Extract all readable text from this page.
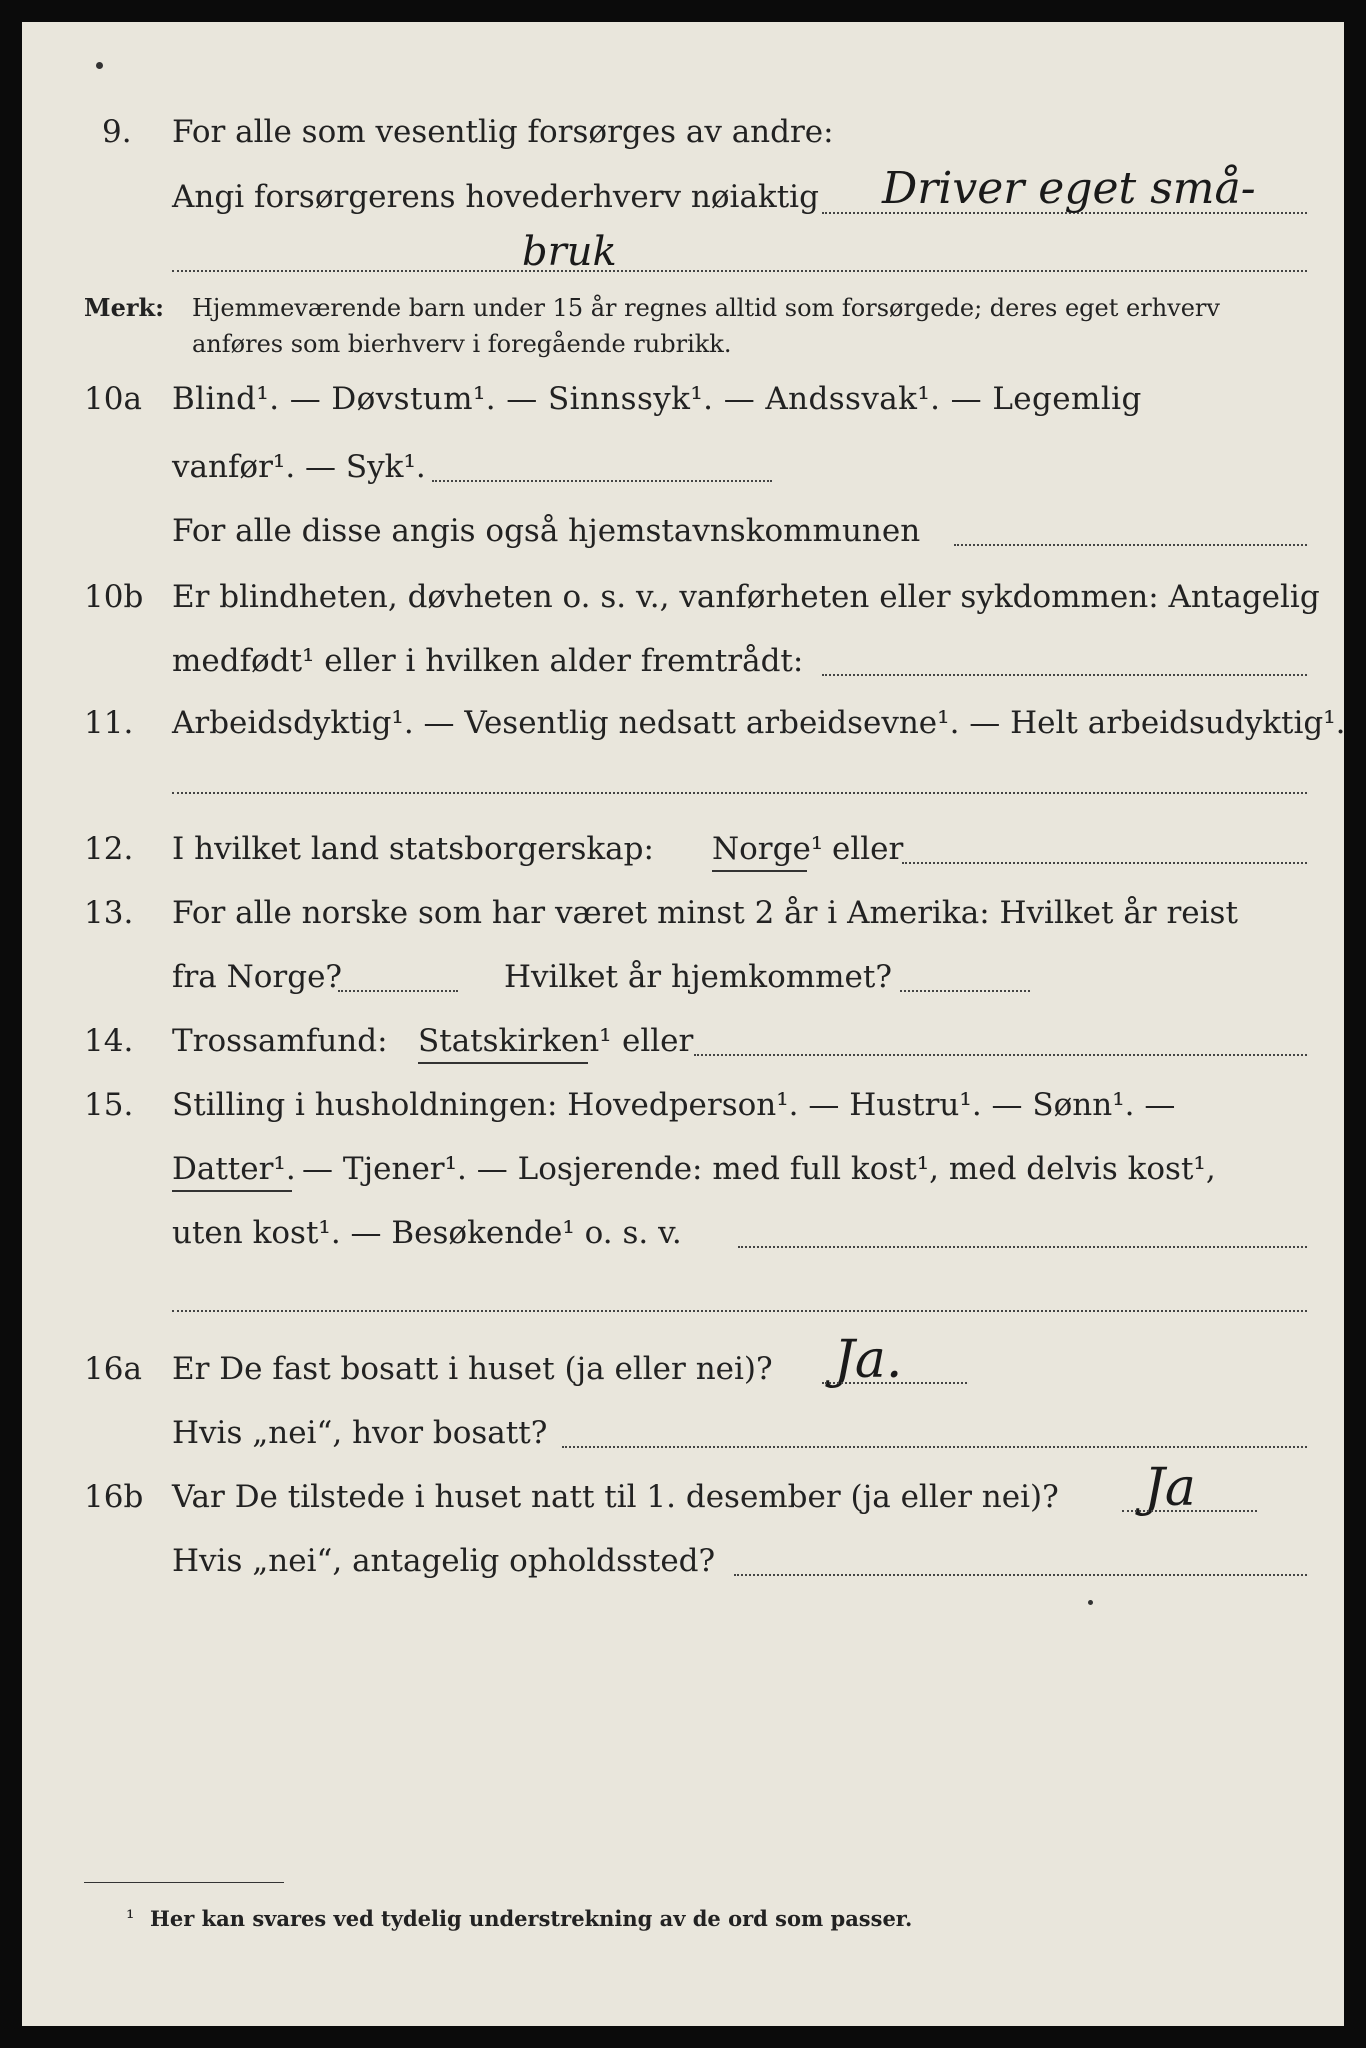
9. For alle som vesentlig forsørges av andre:
Angi forsørgerens hovederhverv nøiaktig Driver eget små-
bruk
Merk: Hjemmeværende barn under 15 år regnes alltid som forsørgede; deres eget erhverv
anføres som bierhverv i foregående rubrikk.
10a Blind¹. — Døvstum¹. — Sinnssyk¹. — Andssvak¹. — Legemlig
vanfør¹. — Syk¹.
For alle disse angis også hjemstavnskommunen
10b Er blindheten, døvheten o. s. v., vanførheten eller sykdommen: Antagelig
medfødt¹ eller i hvilken alder fremtrådt:
11. Arbeidsdyktig¹. — Vesentlig nedsatt arbeidsevne¹. — Helt arbeidsudyktig¹.
12. I hvilket land statsborgerskap: Norge¹ eller
13. For alle norske som har været minst 2 år i Amerika: Hvilket år reist
fra Norge?	Hvilket år hjemkommet?
14. Trossamfund: Statskirken¹ eller
15. Stilling i husholdningen: Hovedperson¹. — Hustru¹. — Sønn¹. —
Datter¹. — Tjener¹. — Losjerende: med full kost¹, med delvis kost¹,
uten kost¹. — Besøkende¹ o. s. v.
16a Er De fast bosatt i huset (ja eller nei)? Ja.
Hvis „nei“, hvor bosatt?
16b Var De tilstede i huset natt til 1. desember (ja eller nei)? Ja
Hvis „nei“, antagelig opholdssted?
¹ Her kan svares ved tydelig understrekning av de ord som passer.
